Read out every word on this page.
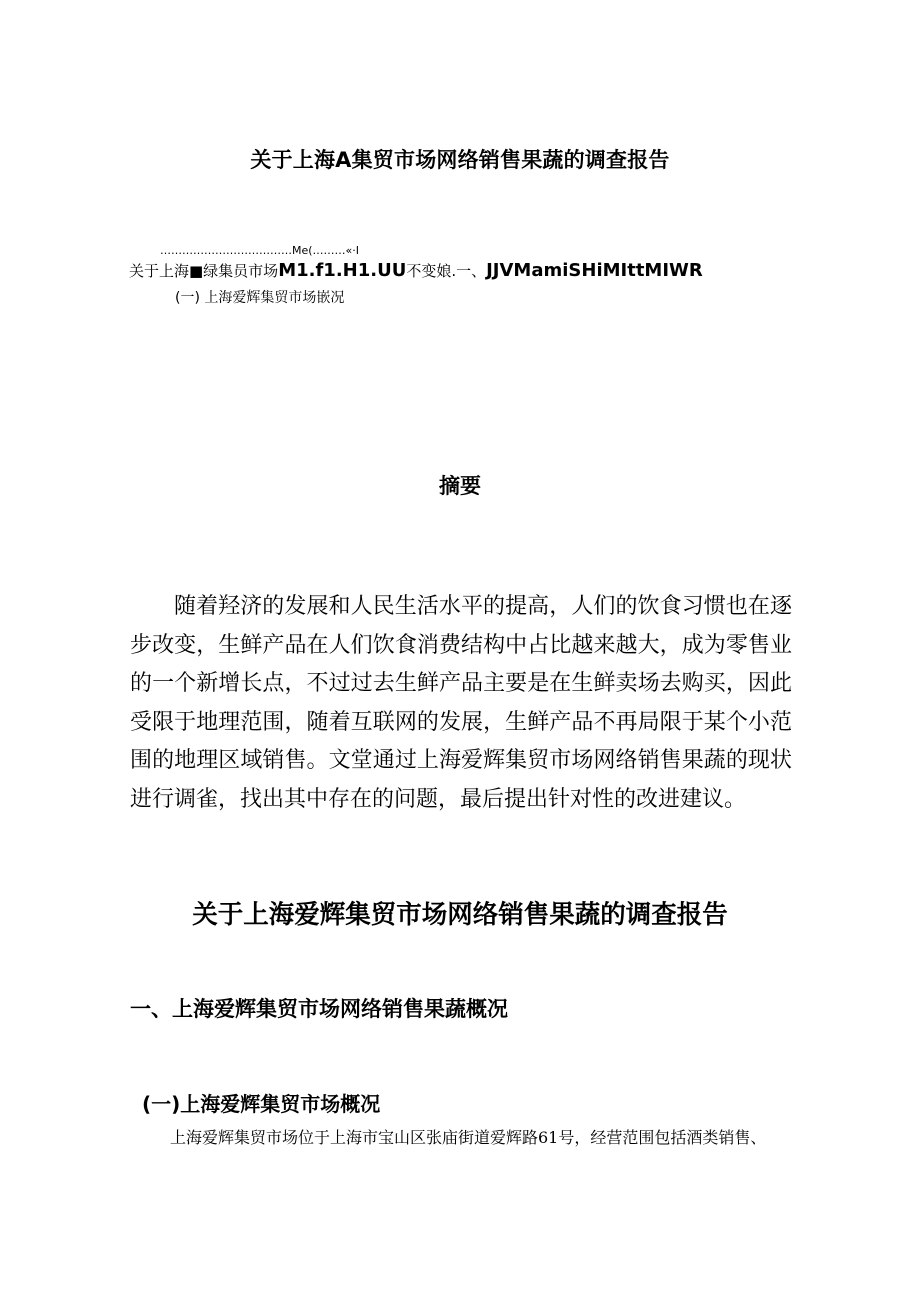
关于上海A集贸市场网络销售果蔬的调查报告
………………………………Me(………«·I
关于上海■绿集员市场M1.f1.H1.UU不变娘.一、JJVMamiSHiMIttMIWR
(一) 上海爱辉集贸市场嵌况
摘要

随着羟济的发展和人民生活水平的提高，人们的饮食习惯也在逐步改变，生鲜产品在人们饮食消费结构中占比越来越大，成为零售业的一个新增长点，不过过去生鲜产品主要是在生鲜卖场去购买，因此受限于地理范围，随着互联网的发展，生鲜产品不再局限于某个小范围的地理区域销售。文堂通过上海爱辉集贸市场网络销售果蔬的现状进行调雀，找出其中存在的问题，最后提出针对性的改进建议。

关于上海爱辉集贸市场网络销售果蔬的调查报告
一、上海爱辉集贸市场网络销售果蔬概况
(一)上海爱辉集贸市场概况

上海爱辉集贸市场位于上海市宝山区张庙街道爱辉路61号，经营范围包括酒类销售、
